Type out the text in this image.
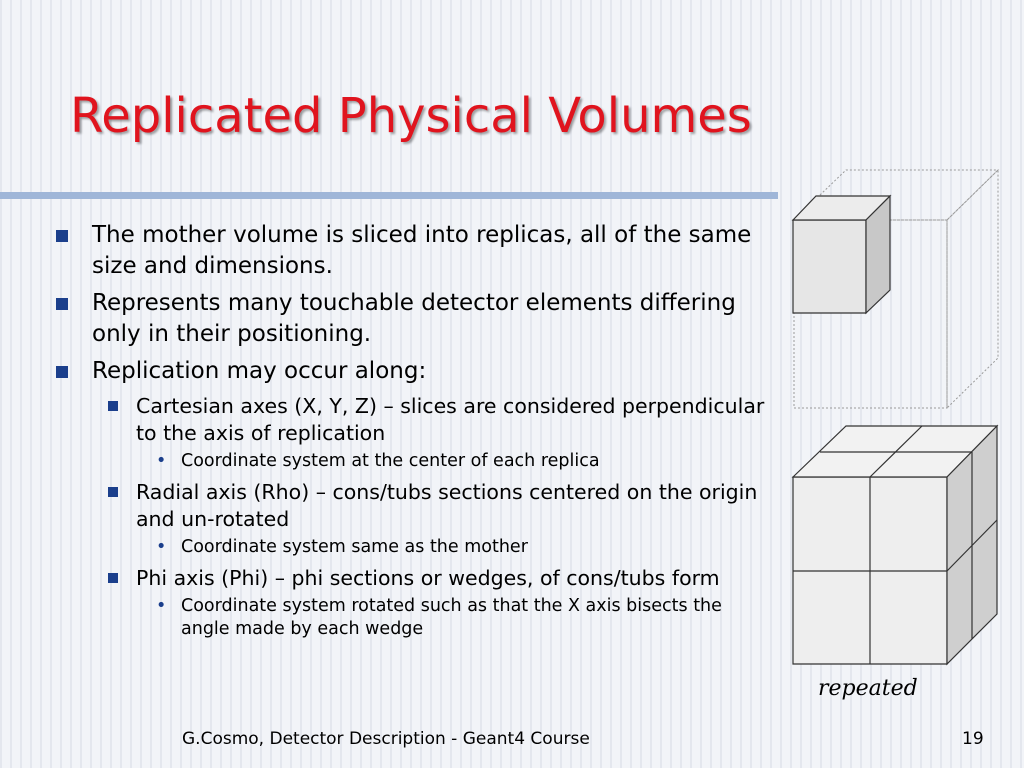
Replicated Physical Volumes
The mother volume is sliced into replicas, all of the same size and dimensions.
Represents many touchable detector elements differing only in their positioning.
Replication may occur along:
Cartesian axes (X, Y, Z) – slices are considered perpendicular to the axis of replication
• Coordinate system at the center of each replica
Radial axis (Rho) – cons/tubs sections centered on the origin and un-rotated
• Coordinate system same as the mother
Phi axis (Phi) – phi sections or wedges, of cons/tubs form
• Coordinate system rotated such as that the X axis bisects the angle made by each wedge
repeated
G.Cosmo, Detector Description - Geant4 Course	19
